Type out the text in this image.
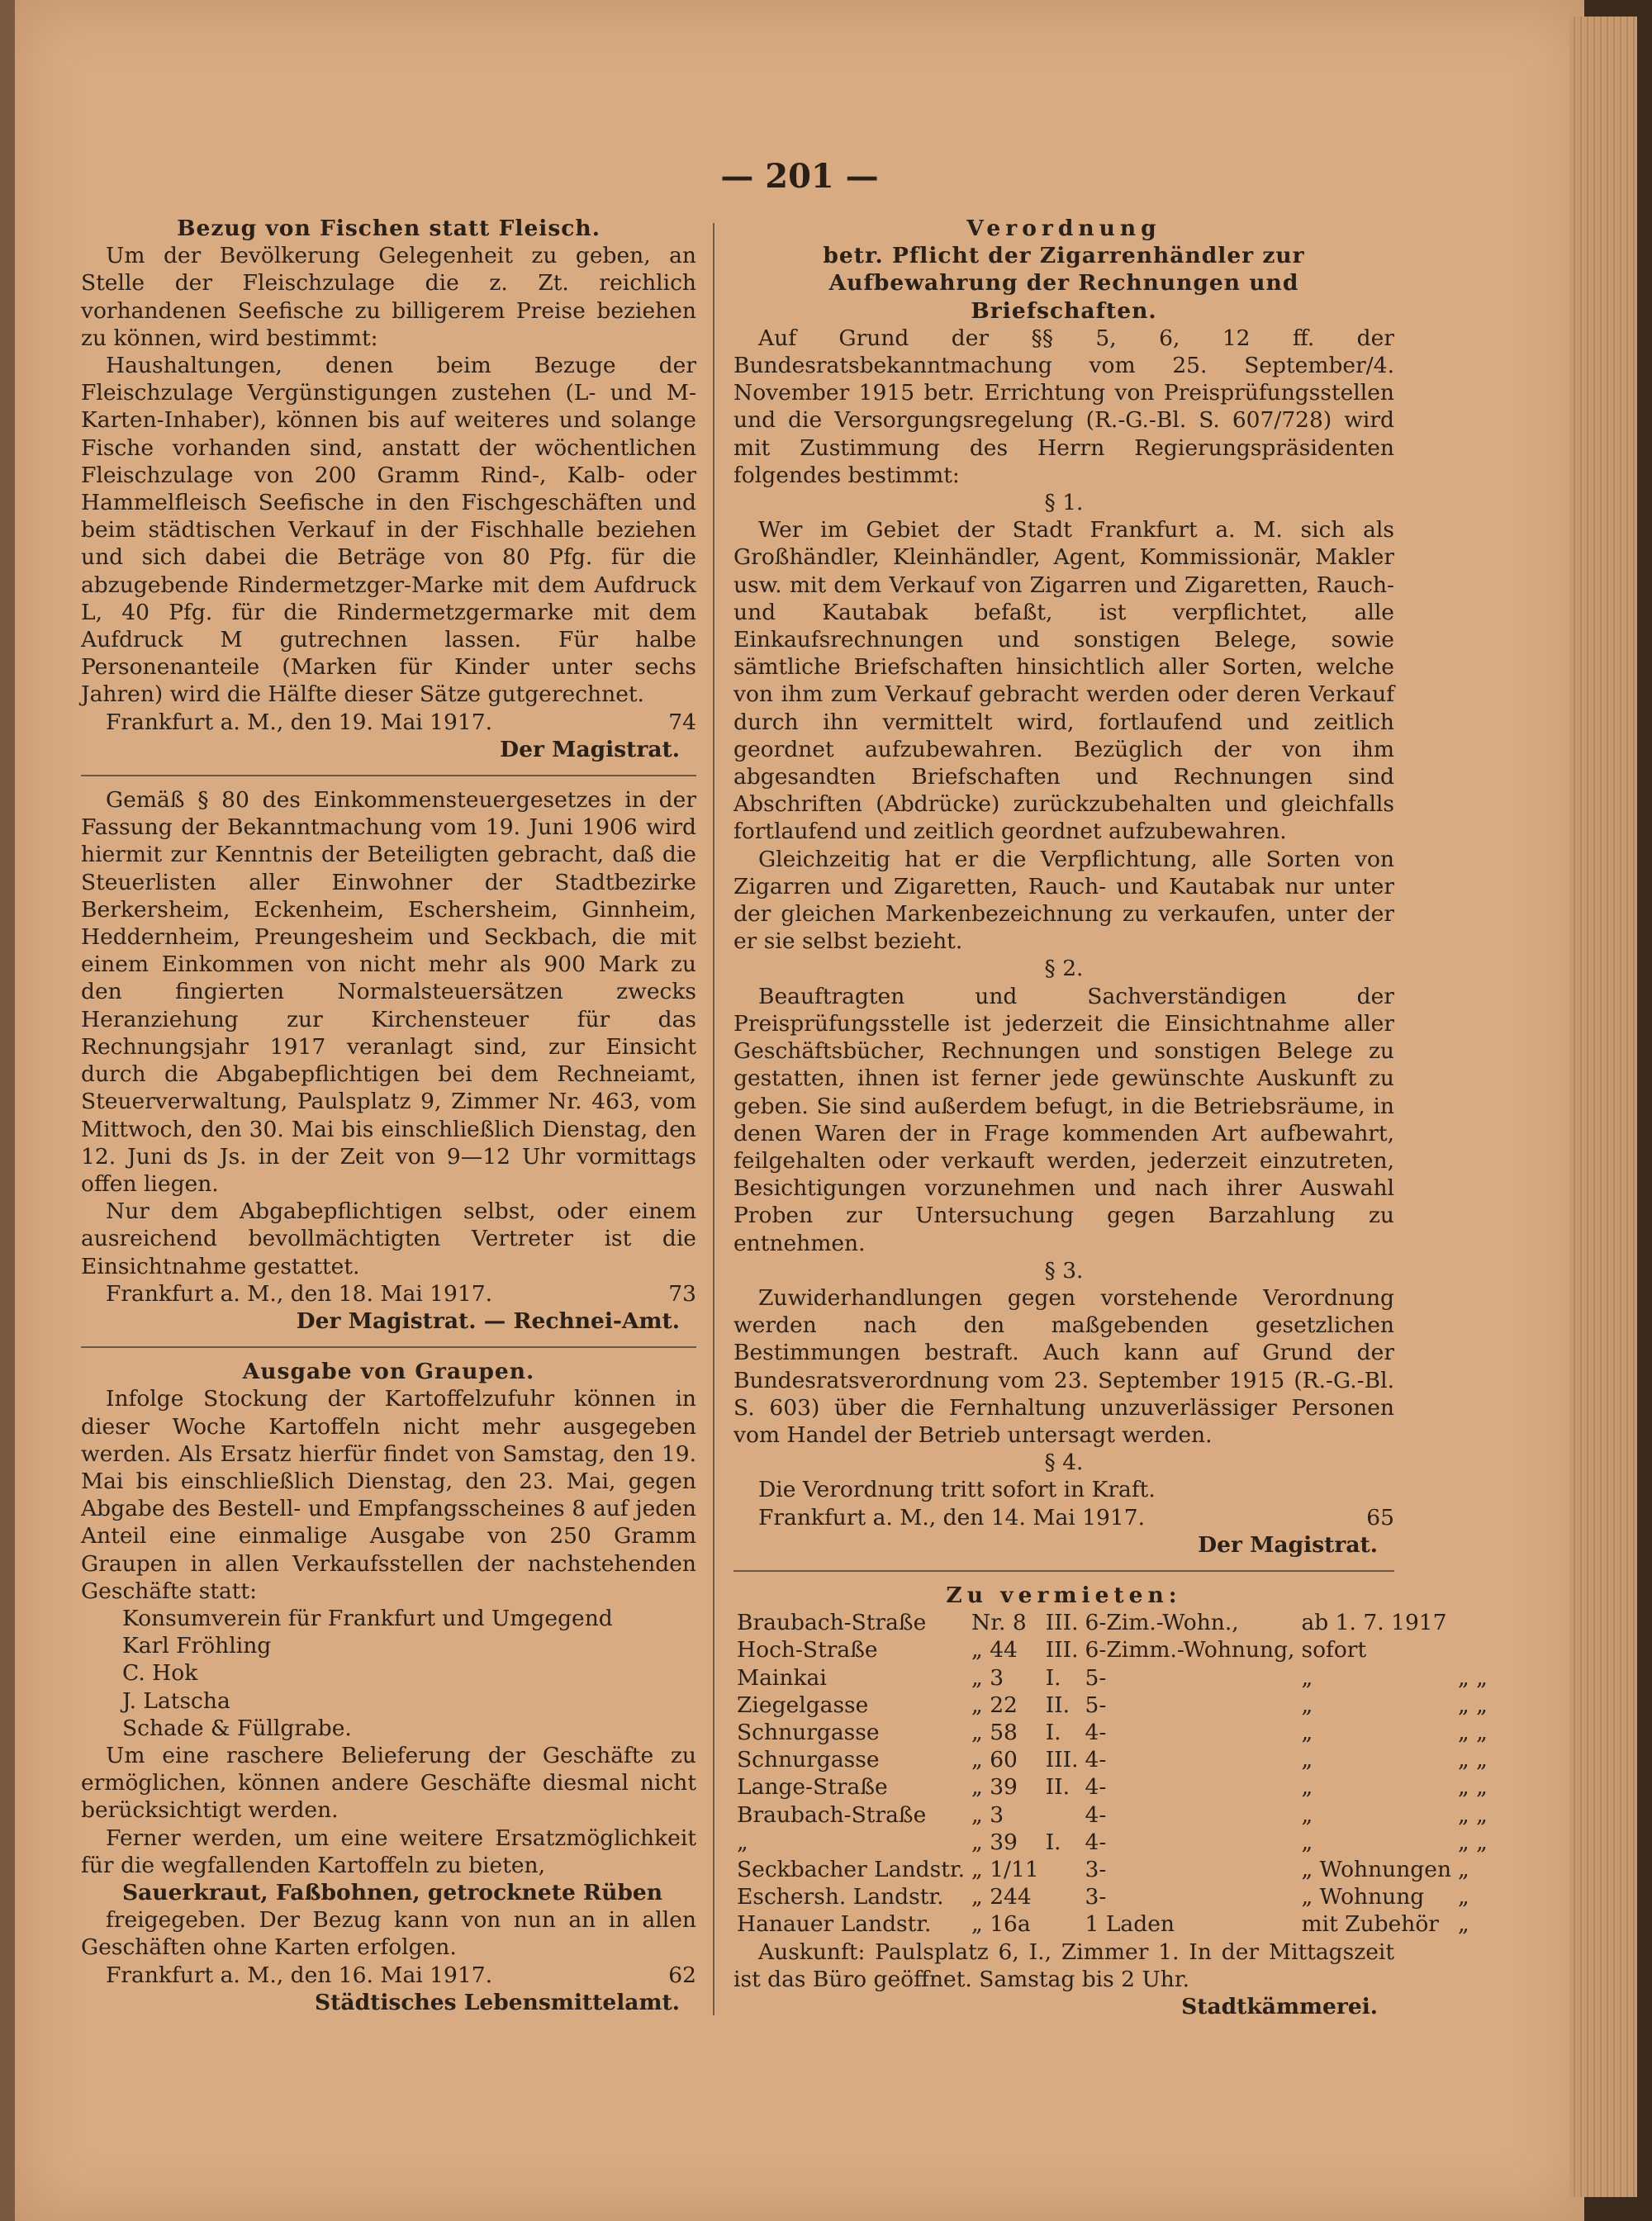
— 201 —
Bezug von Fischen statt Fleisch.

Um der Bevölkerung Gelegenheit zu geben, an Stelle der Fleischzulage die z. Zt. reichlich vorhandenen Seefische zu billigerem Preise beziehen zu können, wird bestimmt:

Haushaltungen, denen beim Bezuge der Fleischzulage Vergünstigungen zustehen (L- und M-Karten-Inhaber), können bis auf weiteres und solange Fische vorhanden sind, anstatt der wöchentlichen Fleischzulage von 200 Gramm Rind-, Kalb- oder Hammelfleisch Seefische in den Fischgeschäften und beim städtischen Verkauf in der Fischhalle beziehen und sich dabei die Beträge von 80 Pfg. für die abzugebende Rindermetzger-Marke mit dem Aufdruck L, 40 Pfg. für die Rindermetzgermarke mit dem Aufdruck M gutrechnen lassen. Für halbe Personenanteile (Marken für Kinder unter sechs Jahren) wird die Hälfte dieser Sätze gutgerechnet.

Frankfurt a. M., den 19. Mai 1917.	74
Der Magistrat.

Gemäß § 80 des Einkommensteuergesetzes in der Fassung der Bekanntmachung vom 19. Juni 1906 wird hiermit zur Kenntnis der Beteiligten gebracht, daß die Steuerlisten aller Einwohner der Stadtbezirke Berkersheim, Eckenheim, Eschersheim, Ginnheim, Heddernheim, Preungesheim und Seckbach, die mit einem Einkommen von nicht mehr als 900 Mark zu den fingierten Normalsteuersätzen zwecks Heranziehung zur Kirchensteuer für das Rechnungsjahr 1917 veranlagt sind, zur Einsicht durch die Abgabepflichtigen bei dem Rechneiamt, Steuerverwaltung, Paulsplatz 9, Zimmer Nr. 463, vom Mittwoch, den 30. Mai bis einschließlich Dienstag, den 12. Juni ds Js. in der Zeit von 9—12 Uhr vormittags offen liegen.

Nur dem Abgabepflichtigen selbst, oder einem ausreichend bevollmächtigten Vertreter ist die Einsichtnahme gestattet.

Frankfurt a. M., den 18. Mai 1917.	73
Der Magistrat. — Rechnei-Amt.
Ausgabe von Graupen.

Infolge Stockung der Kartoffelzufuhr können in dieser Woche Kartoffeln nicht mehr ausgegeben werden. Als Ersatz hierfür findet von Samstag, den 19. Mai bis einschließlich Dienstag, den 23. Mai, gegen Abgabe des Bestell- und Empfangsscheines 8 auf jeden Anteil eine einmalige Ausgabe von 250 Gramm Graupen in allen Verkaufsstellen der nachstehenden Geschäfte statt:

Konsumverein für Frankfurt und Umgegend
Karl Fröhling
C. Hok
J. Latscha
Schade & Füllgrabe.

Um eine raschere Belieferung der Geschäfte zu ermöglichen, können andere Geschäfte diesmal nicht berücksichtigt werden.

Ferner werden, um eine weitere Ersatzmöglichkeit für die wegfallenden Kartoffeln zu bieten,

Sauerkraut, Faßbohnen, getrocknete Rüben

freigegeben. Der Bezug kann von nun an in allen Geschäften ohne Karten erfolgen.

Frankfurt a. M., den 16. Mai 1917.	62
Städtisches Lebensmittelamt.
Verordnung
betr. Pflicht der Zigarrenhändler zur Aufbewahrung der Rechnungen und Briefschaften.

Auf Grund der §§ 5, 6, 12 ff. der Bundesratsbekanntmachung vom 25. September/4. November 1915 betr. Errichtung von Preisprüfungsstellen und die Versorgungsregelung (R.-G.-Bl. S. 607/728) wird mit Zustimmung des Herrn Regierungspräsidenten folgendes bestimmt:

§ 1.

Wer im Gebiet der Stadt Frankfurt a. M. sich als Großhändler, Kleinhändler, Agent, Kommissionär, Makler usw. mit dem Verkauf von Zigarren und Zigaretten, Rauch- und Kautabak befaßt, ist verpflichtet, alle Einkaufsrechnungen und sonstigen Belege, sowie sämtliche Briefschaften hinsichtlich aller Sorten, welche von ihm zum Verkauf gebracht werden oder deren Verkauf durch ihn vermittelt wird, fortlaufend und zeitlich geordnet aufzubewahren. Bezüglich der von ihm abgesandten Briefschaften und Rechnungen sind Abschriften (Abdrücke) zurückzubehalten und gleichfalls fortlaufend und zeitlich geordnet aufzubewahren.

Gleichzeitig hat er die Verpflichtung, alle Sorten von Zigarren und Zigaretten, Rauch- und Kautabak nur unter der gleichen Markenbezeichnung zu verkaufen, unter der er sie selbst bezieht.

§ 2.

Beauftragten und Sachverständigen der Preisprüfungsstelle ist jederzeit die Einsichtnahme aller Geschäftsbücher, Rechnungen und sonstigen Belege zu gestatten, ihnen ist ferner jede gewünschte Auskunft zu geben. Sie sind außerdem befugt, in die Betriebsräume, in denen Waren der in Frage kommenden Art aufbewahrt, feilgehalten oder verkauft werden, jederzeit einzutreten, Besichtigungen vorzunehmen und nach ihrer Auswahl Proben zur Untersuchung gegen Barzahlung zu entnehmen.

§ 3.

Zuwiderhandlungen gegen vorstehende Verordnung werden nach den maßgebenden gesetzlichen Bestimmungen bestraft. Auch kann auf Grund der Bundesratsverordnung vom 23. September 1915 (R.-G.-Bl. S. 603) über die Fernhaltung unzuverlässiger Personen vom Handel der Betrieb untersagt werden.

§ 4.

Die Verordnung tritt sofort in Kraft.

Frankfurt a. M., den 14. Mai 1917.	65
Der Magistrat.
Zu vermieten:
Braubach-Straße	Nr. 8	III.	6-Zim.-Wohn.,	ab 1. 7. 1917	
Hoch-Straße	„ 44	III.	6-Zimm.-Wohnung,	sofort	
Mainkai	„ 3	I.	5-	„	„ „
Ziegelgasse	„ 22	II.	5-	„	„ „
Schnurgasse	„ 58	I.	4-	„	„ „
Schnurgasse	„ 60	III.	4-	„	„ „
Lange-Straße	„ 39	II.	4-	„	„ „
Braubach-Straße	„ 3		4-	„	„ „
„	„ 39	I.	4-	„	„ „
Seckbacher Landstr.	„ 1/11		3-	„ Wohnungen	„
Eschersh. Landstr.	„ 244		3-	„ Wohnung	„
Hanauer Landstr.	„ 16a		1 Laden	mit Zubehör	„

Auskunft: Paulsplatz 6, I., Zimmer 1. In der Mittagszeit ist das Büro geöffnet. Samstag bis 2 Uhr.

Stadtkämmerei.
